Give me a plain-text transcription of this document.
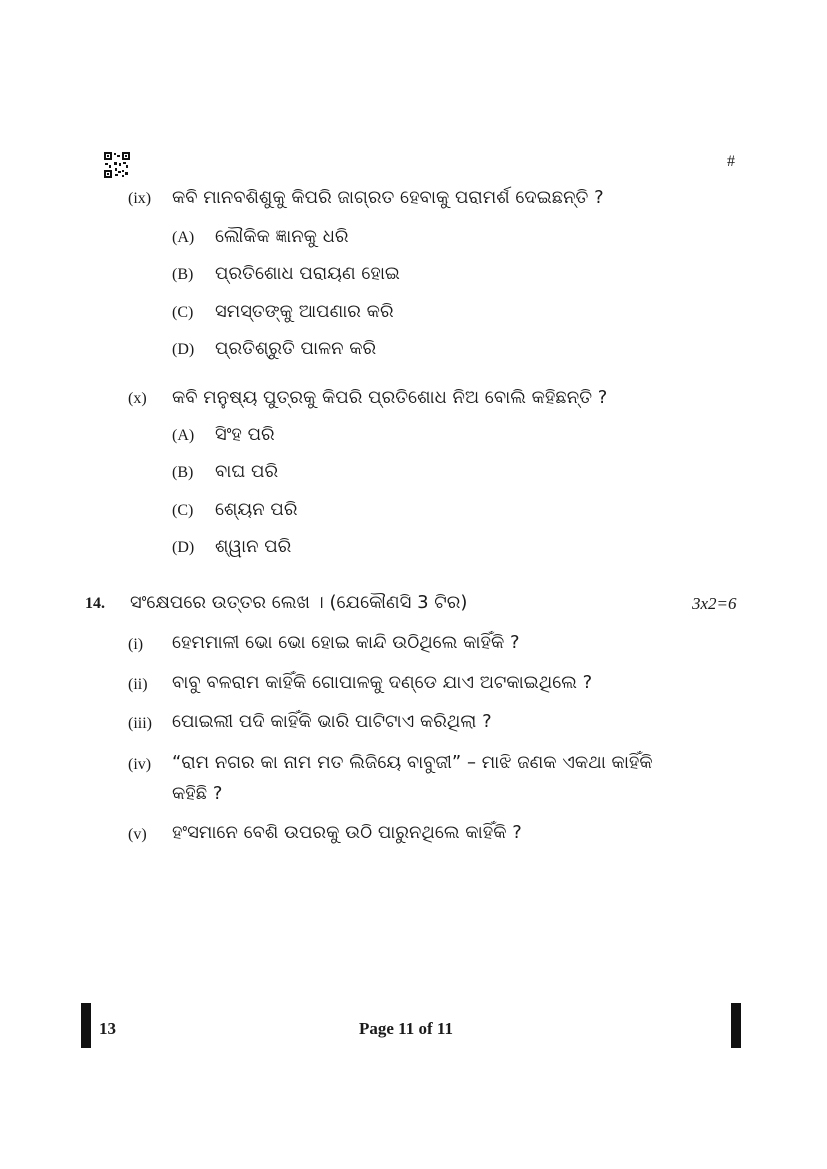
#
(ix) କବି ମାନବଶିଶୁକୁ କିପରି ଜାଗ୍ରତ ହେବାକୁ ପରାମର୍ଶ ଦେଇଛନ୍ତି ?
(A) ଲୌକିକ ଜ୍ଞାନକୁ ଧରି
(B) ପ୍ରତିଶୋଧ ପରାୟଣ ହୋଇ
(C) ସମସ୍ତଙ୍କୁ ଆପଣାର କରି
(D) ପ୍ରତିଶ୍ରୁତି ପାଳନ କରି
(x) କବି ମନୁଷ୍ୟ ପୁତ୍ରକୁ କିପରି ପ୍ରତିଶୋଧ ନିଅ ବୋଲି କହିଛନ୍ତି ?
(A) ସିଂହ ପରି
(B) ବାଘ ପରି
(C) ଶ୍ୟେନ ପରି
(D) ଶ୍ୱାନ ପରି
14. ସଂକ୍ଷେପରେ ଉତ୍ତର ଲେଖ । (ଯେକୌଣସି 3 ଟିର)	3x2=6
(i) ହେମମାଳୀ ଭୋ ଭୋ ହୋଇ କାନ୍ଦି ଉଠିଥିଲେ କାହିଁକି ?
(ii) ବାବୁ ବଳରାମ କାହିଁକି ଗୋପାଳକୁ ଦଣ୍ଡେ ଯାଏ ଅଟକାଇଥିଲେ ?
(iii) ପୋଇଲୀ ପଦି କାହିଁକି ଭାରି ପାଟିଟାଏ କରିଥିଲା ?
(iv) “ରାମ ନଗର କା ନାମ ମତ ଲିଜିୟେ ବାବୁଜୀ” – ମାଝି ଜଣକ ଏକଥା କାହିଁକି
କହିଛି ?
(v) ହଂସମାନେ ବେଶି ଉପରକୁ ଉଠି ପାରୁନଥିଲେ କାହିଁକି ?
13	Page 11 of 11
